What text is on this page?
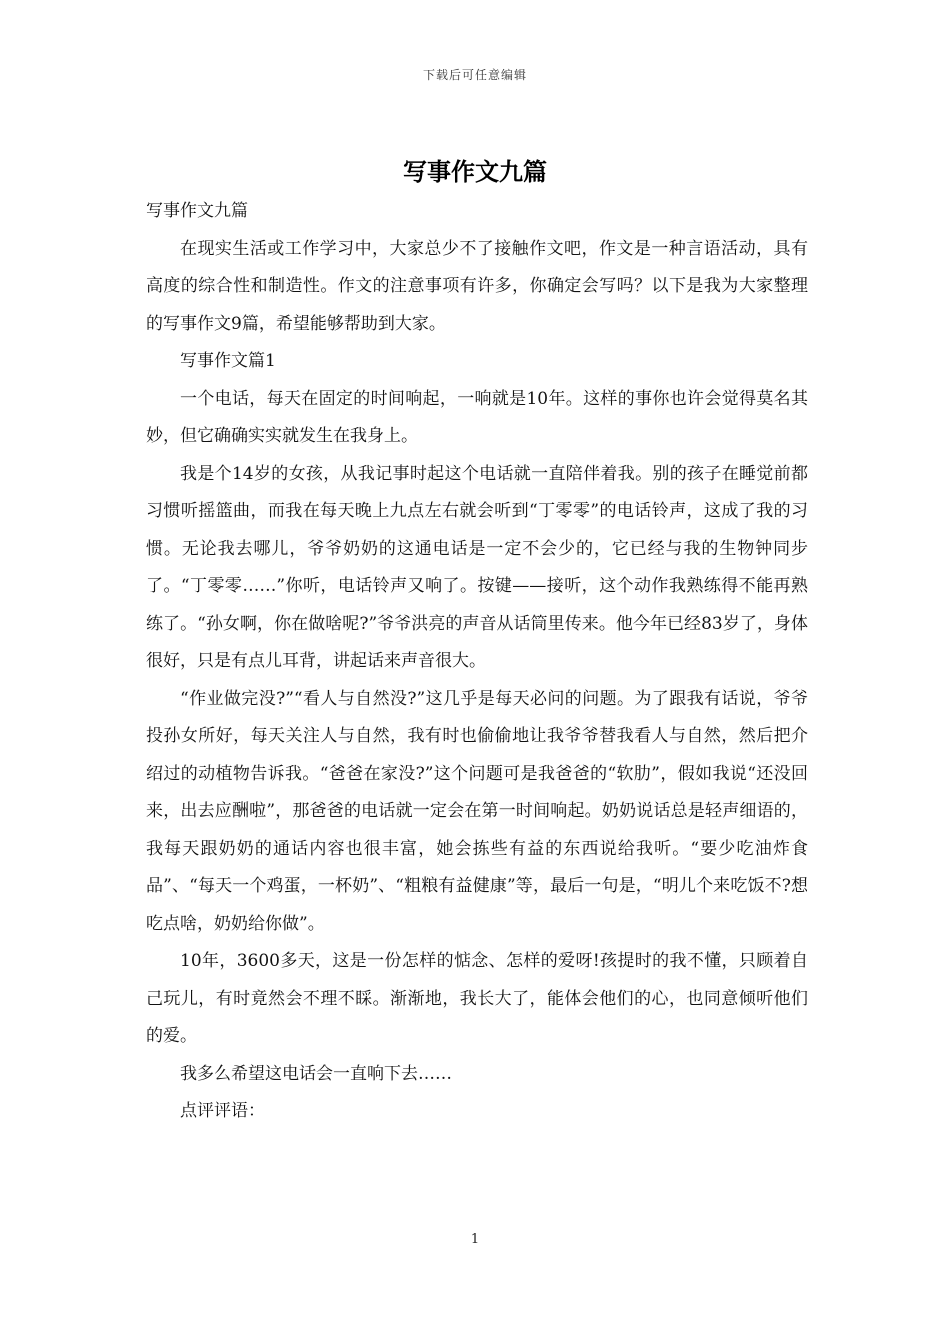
下载后可任意编辑
写事作文九篇

写事作文九篇

在现实生活或工作学习中，大家总少不了接触作文吧，作文是一种言语活动，具有高度的综合性和制造性。作文的注意事项有许多，你确定会写吗？以下是我为大家整理的写事作文9篇，希望能够帮助到大家。

写事作文篇1

一个电话，每天在固定的时间响起，一响就是10年。这样的事你也许会觉得莫名其妙，但它确确实实就发生在我身上。

我是个14岁的女孩，从我记事时起这个电话就一直陪伴着我。别的孩子在睡觉前都习惯听摇篮曲，而我在每天晚上九点左右就会听到“丁零零”的电话铃声，这成了我的习惯。无论我去哪儿，爷爷奶奶的这通电话是一定不会少的，它已经与我的生物钟同步了。“丁零零……”你听，电话铃声又响了。按键——接听，这个动作我熟练得不能再熟练了。“孙女啊，你在做啥呢?”爷爷洪亮的声音从话筒里传来。他今年已经83岁了，身体很好，只是有点儿耳背，讲起话来声音很大。

“作业做完没?”“看人与自然没?”这几乎是每天必问的问题。为了跟我有话说，爷爷投孙女所好，每天关注人与自然，我有时也偷偷地让我爷爷替我看人与自然，然后把介绍过的动植物告诉我。“爸爸在家没?”这个问题可是我爸爸的“软肋”，假如我说“还没回来，出去应酬啦”，那爸爸的电话就一定会在第一时间响起。奶奶说话总是轻声细语的，我每天跟奶奶的通话内容也很丰富，她会拣些有益的东西说给我听。“要少吃油炸食品”、“每天一个鸡蛋，一杯奶”、“粗粮有益健康”等，最后一句是，“明儿个来吃饭不?想吃点啥，奶奶给你做”。

10年，3600多天，这是一份怎样的惦念、怎样的爱呀!孩提时的我不懂，只顾着自己玩儿，有时竟然会不理不睬。渐渐地，我长大了，能体会他们的心，也同意倾听他们的爱。

我多么希望这电话会一直响下去……

点评评语：

1
